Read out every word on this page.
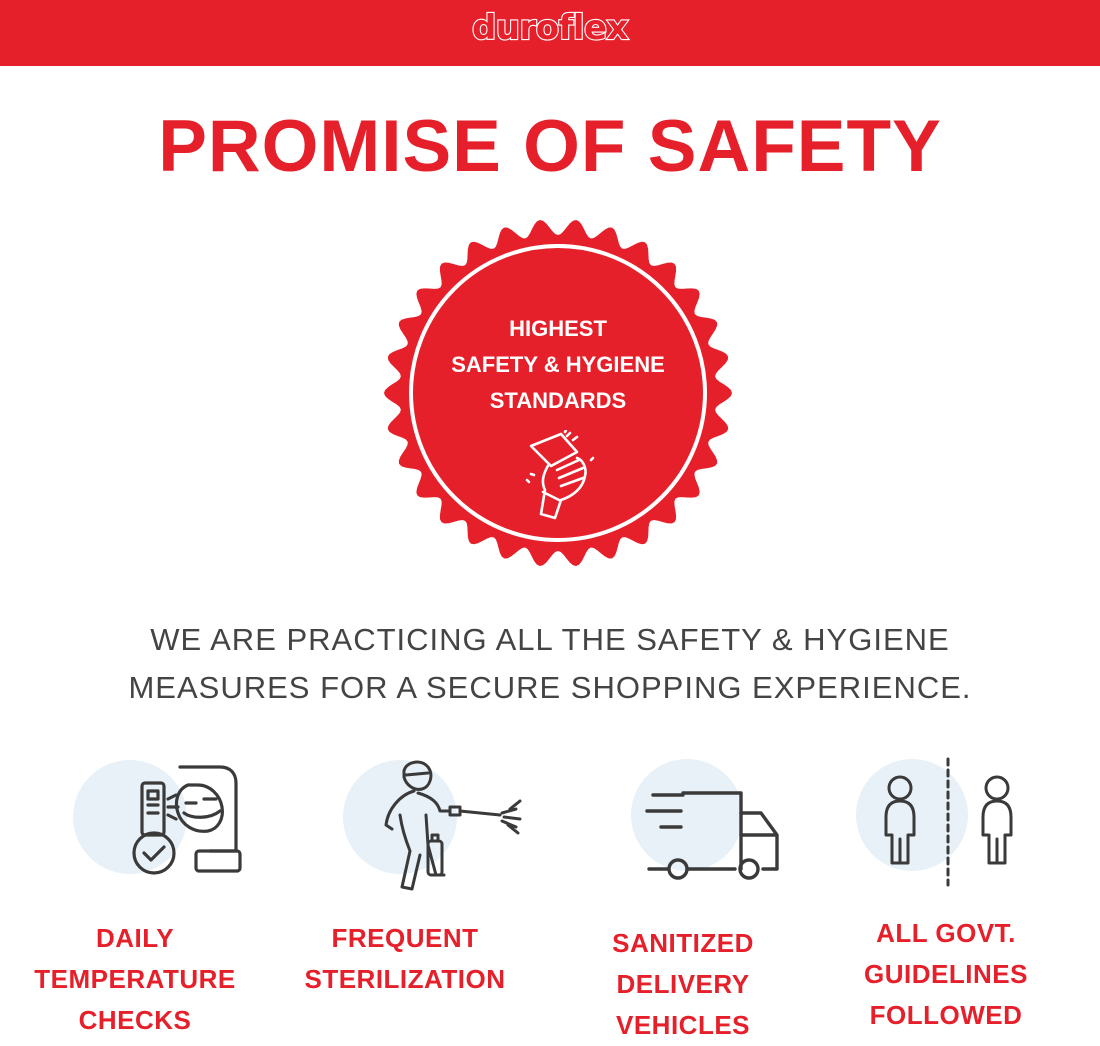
duroflex
PROMISE OF SAFETY
HIGHEST
SAFETY & HYGIENE
STANDARDS
WE ARE PRACTICING ALL THE SAFETY & HYGIENE
MEASURES FOR A SECURE SHOPPING EXPERIENCE.
DAILY
TEMPERATURE
CHECKS
FREQUENT
STERILIZATION
SANITIZED
DELIVERY
VEHICLES
ALL GOVT.
GUIDELINES
FOLLOWED
